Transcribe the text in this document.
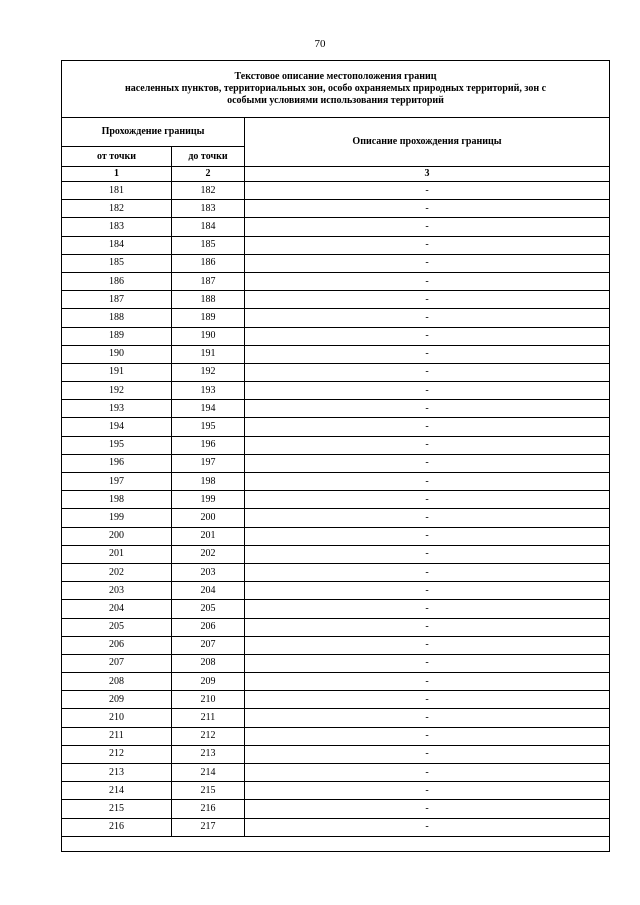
70
Текстовое описание местоположения границ
населенных пунктов, территориальных зон, особо охраняемых природных территорий, зон с
особыми условиями использования территорий		

Прохождение границы		Описание прохождения границы
от точки	до точки	
1	2	3
181	182	-
182	183	-
183	184	-
184	185	-
185	186	-
186	187	-
187	188	-
188	189	-
189	190	-
190	191	-
191	192	-
192	193	-
193	194	-
194	195	-
195	196	-
196	197	-
197	198	-
198	199	-
199	200	-
200	201	-
201	202	-
202	203	-
203	204	-
204	205	-
205	206	-
206	207	-
207	208	-
208	209	-
209	210	-
210	211	-
211	212	-
212	213	-
213	214	-
214	215	-
215	216	-
216	217	-
